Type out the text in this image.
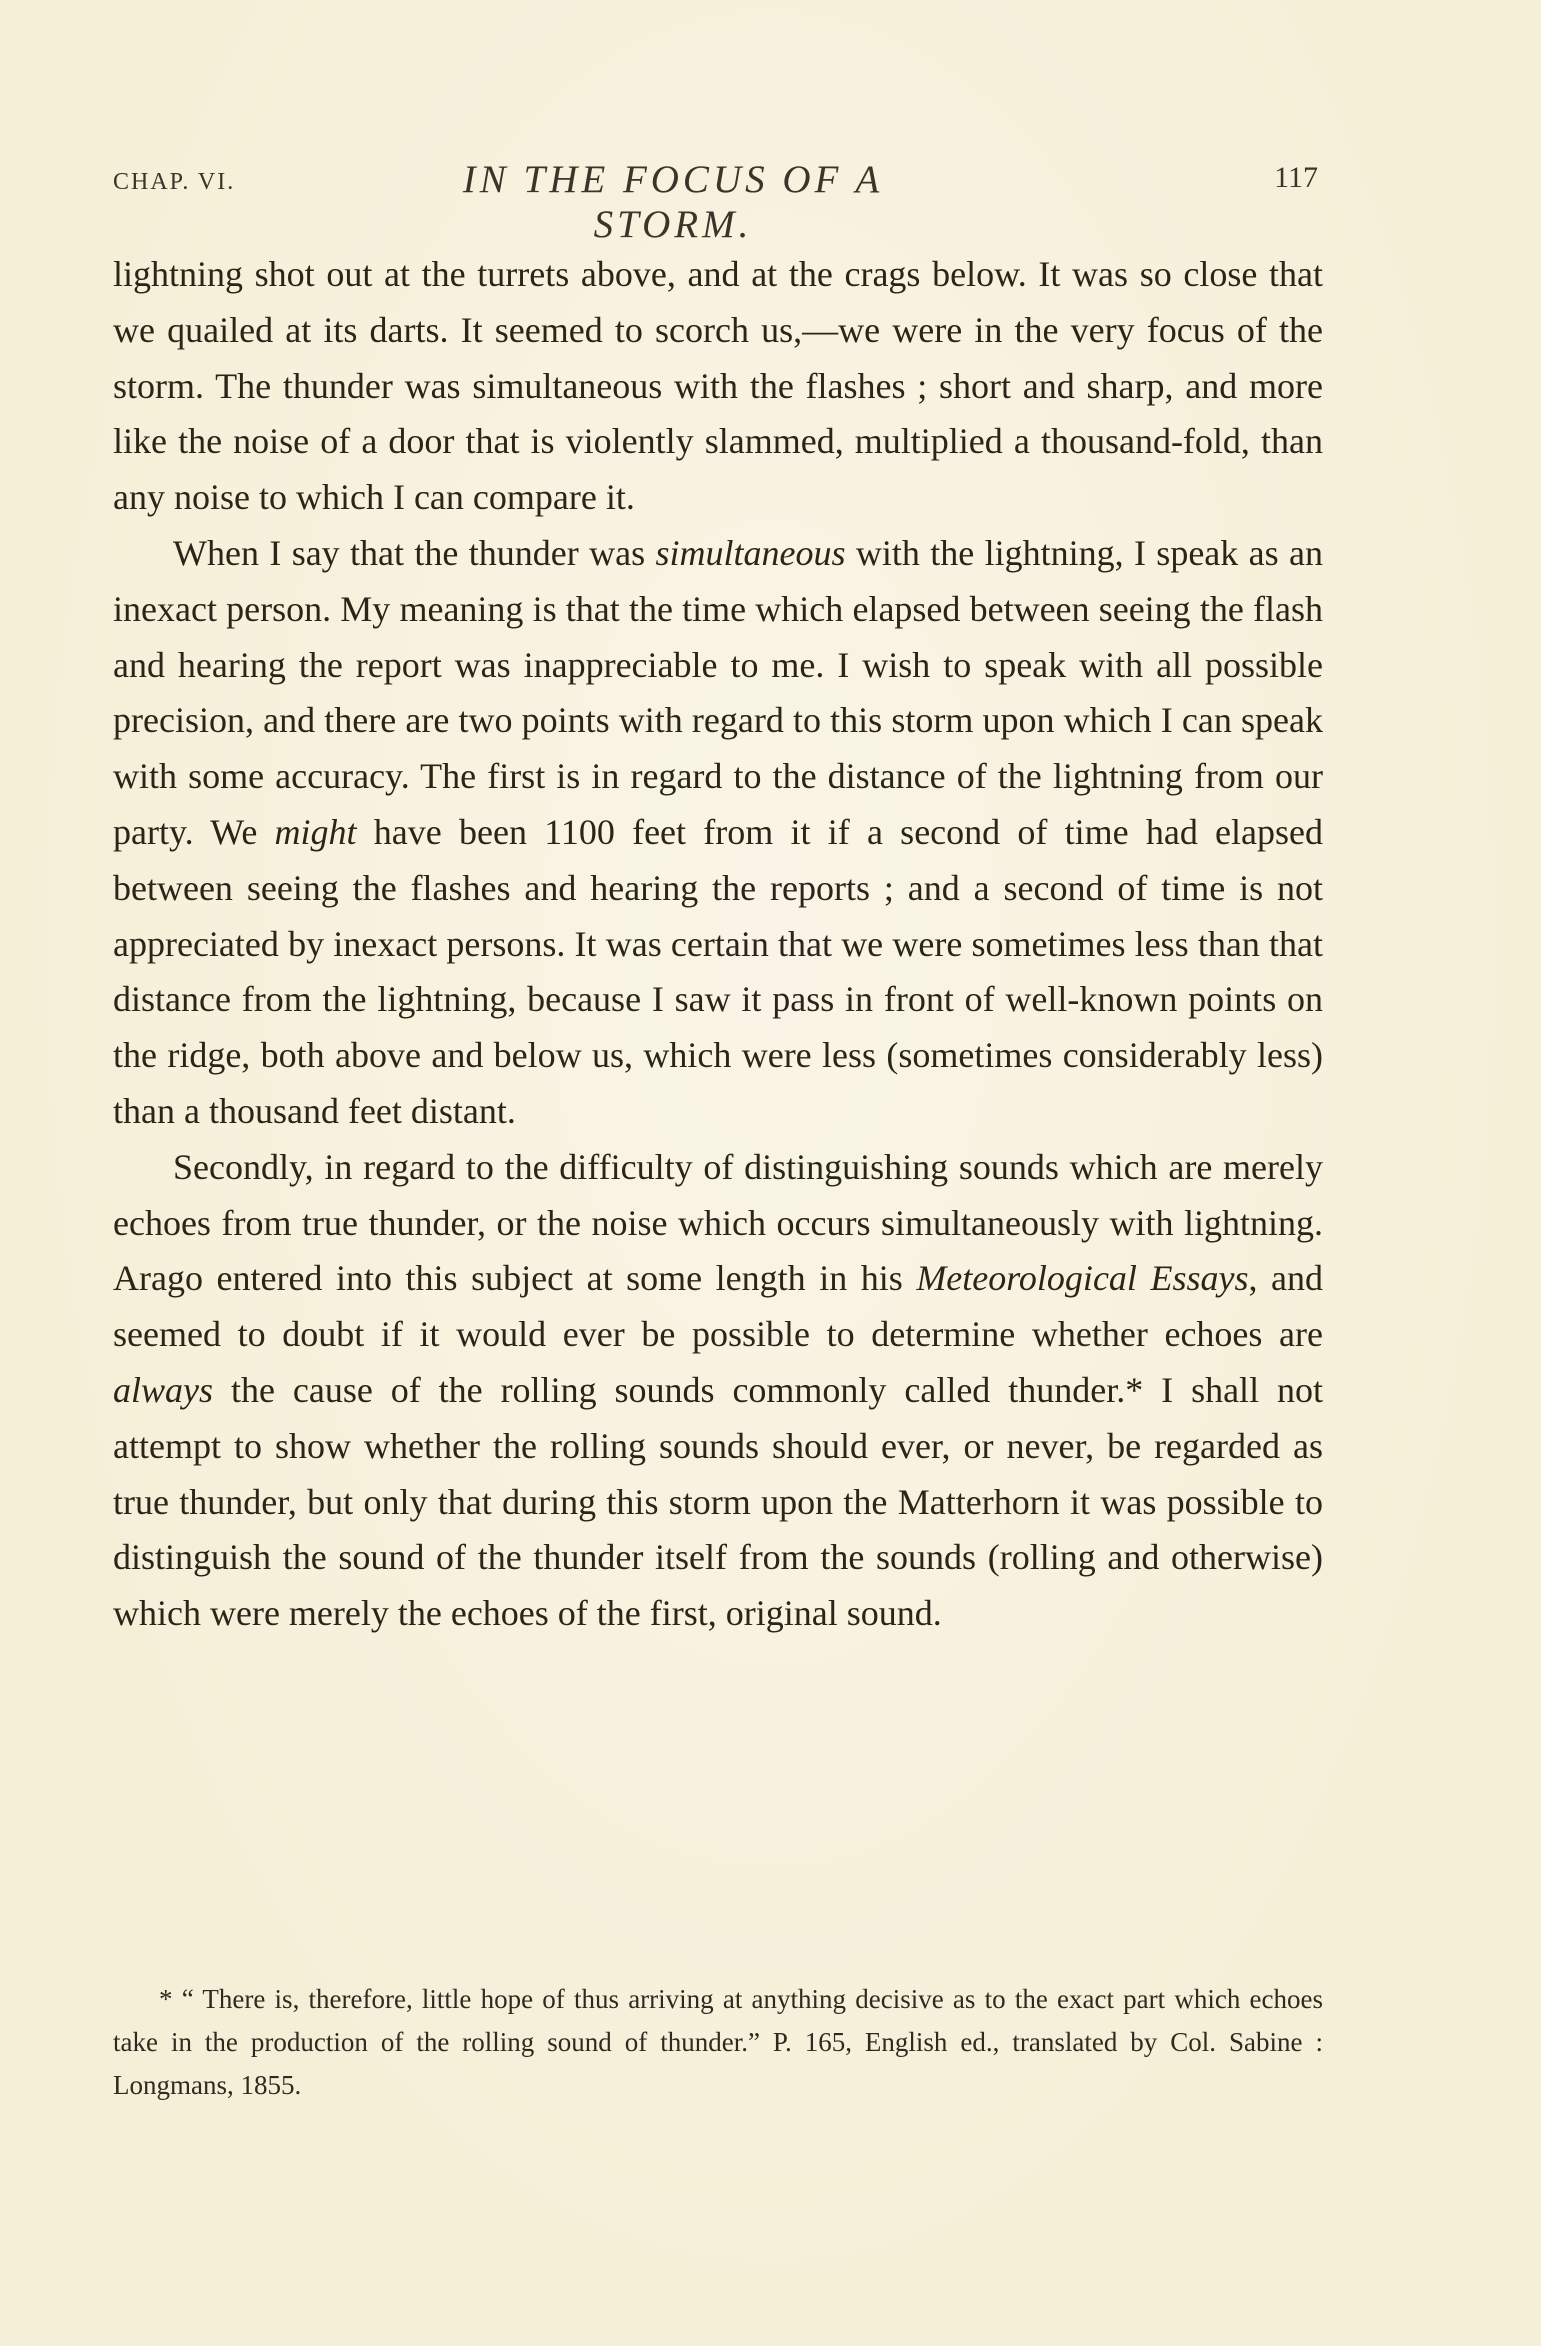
CHAP. VI.	IN THE FOCUS OF A STORM.
117

lightning shot out at the turrets above, and at the crags below. It was so close that we quailed at its darts. It seemed to scorch us,—we were in the very focus of the storm. The thunder was simultaneous with the flashes ; short and sharp, and more like the noise of a door that is violently slammed, multiplied a thousand-fold, than any noise to which I can compare it.

When I say that the thunder was simultaneous with the lightning, I speak as an inexact person. My meaning is that the time which elapsed between seeing the flash and hearing the report was inappreciable to me. I wish to speak with all possible precision, and there are two points with regard to this storm upon which I can speak with some accuracy. The first is in regard to the distance of the lightning from our party. We might have been 1100 feet from it if a second of time had elapsed between seeing the flashes and hearing the reports ; and a second of time is not appreciated by inexact persons. It was certain that we were sometimes less than that distance from the lightning, because I saw it pass in front of well-known points on the ridge, both above and below us, which were less (sometimes considerably less) than a thousand feet distant.

Secondly, in regard to the difficulty of distinguishing sounds which are merely echoes from true thunder, or the noise which occurs simultaneously with lightning. Arago entered into this subject at some length in his Meteorological Essays, and seemed to doubt if it would ever be possible to determine whether echoes are always the cause of the rolling sounds commonly called thunder.* I shall not attempt to show whether the rolling sounds should ever, or never, be regarded as true thunder, but only that during this storm upon the Matterhorn it was possible to distinguish the sound of the thunder itself from the sounds (rolling and otherwise) which were merely the echoes of the first, original sound.

* “ There is, therefore, little hope of thus arriving at anything decisive as to the exact part which echoes take in the production of the rolling sound of thunder.” P. 165, English ed., translated by Col. Sabine : Longmans, 1855.
